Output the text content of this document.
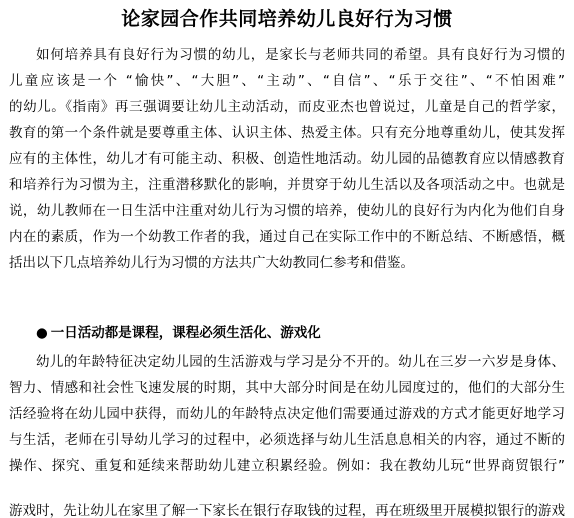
论家园合作共同培养幼儿良好行为习惯
如何培养具有良好行为习惯的幼儿，是家长与老师共同的希望。具有良好行为习惯的
儿童应该是一个 “愉快”、“大胆”、“主动”、“自信”、“乐于交往”、“不怕困难”
的幼儿。《指南》再三强调要让幼儿主动活动，而皮亚杰也曾说过，儿童是自己的哲学家，
教育的第一个条件就是要尊重主体、认识主体、热爱主体。只有充分地尊重幼儿，使其发挥
应有的主体性，幼儿才有可能主动、积极、创造性地活动。幼儿园的品德教育应以情感教育
和培养行为习惯为主，注重潜移默化的影响，并贯穿于幼儿生活以及各项活动之中。也就是
说，幼儿教师在一日生活中注重对幼儿行为习惯的培养，使幼儿的良好行为内化为他们自身
内在的素质，作为一个幼教工作者的我，通过自己在实际工作中的不断总结、不断感悟，概
括出以下几点培养幼儿行为习惯的方法共广大幼教同仁参考和借鉴。
● 一日活动都是课程，课程必须生活化、游戏化
幼儿的年龄特征决定幼儿园的生活游戏与学习是分不开的。幼儿在三岁一六岁是身体、
智力、情感和社会性飞速发展的时期，其中大部分时间是在幼儿园度过的，他们的大部分生
活经验将在幼儿园中获得，而幼儿的年龄特点决定他们需要通过游戏的方式才能更好地学习
与生活，老师在引导幼儿学习的过程中，必须选择与幼儿生活息息相关的内容，通过不断的
操作、探究、重复和延续来帮助幼儿建立积累经验。例如：我在教幼儿玩“世界商贸银行”
游戏时，先让幼儿在家里了解一下家长在银行存取钱的过程，再在班级里开展模拟银行的游戏
